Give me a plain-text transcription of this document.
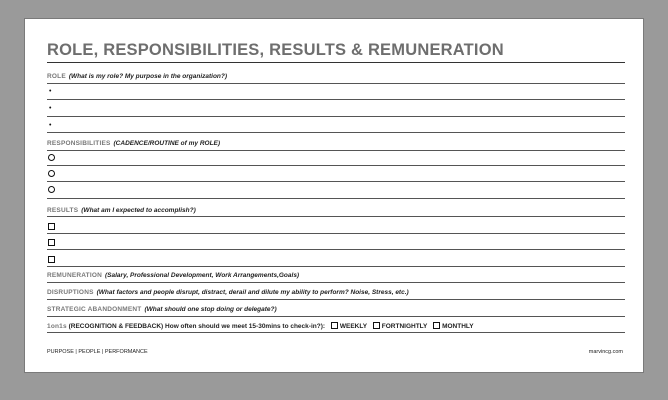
ROLE, RESPONSIBILITIES, RESULTS & REMUNERATION
ROLE (What is my role? My purpose in the organization?)
•
•
•
RESPONSIBILITIES (CADENCE/ROUTINE of my ROLE)
RESULTS (What am I expected to accomplish?)
REMUNERATION (Salary, Professional Development, Work Arrangements,Goals)
DISRUPTIONS (What factors and people disrupt, distract, derail and dilute my ability to perform? Noise, Stress, etc.)
STRATEGIC ABANDONMENT (What should one stop doing or delegate?)
1on1s (RECOGNITION & FEEDBACK) How often should we meet 15-30mins to check-in?): WEEKLY FORTNIGHTLY MONTHLY
PURPOSE | PEOPLE | PERFORMANCE	marvincg.com
